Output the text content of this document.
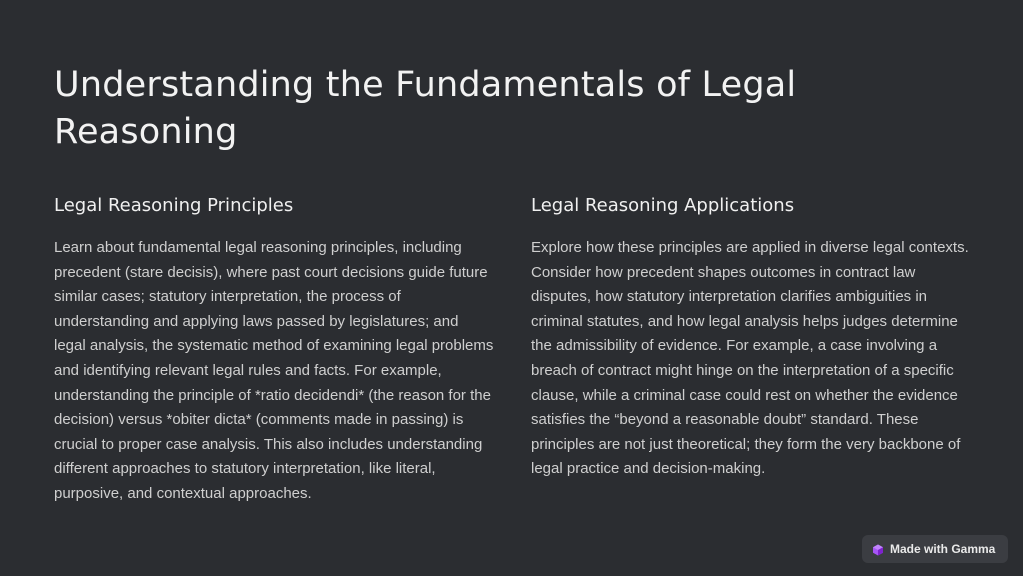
Understanding the Fundamentals of Legal Reasoning
Legal Reasoning Principles

Learn about fundamental legal reasoning principles, including precedent (stare decisis), where past court decisions guide future similar cases; statutory interpretation, the process of understanding and applying laws passed by legislatures; and legal analysis, the systematic method of examining legal problems and identifying relevant legal rules and facts. For example, understanding the principle of *ratio decidendi* (the reason for the decision) versus *obiter dicta* (comments made in passing) is crucial to proper case analysis. This also includes understanding different approaches to statutory interpretation, like literal, purposive, and contextual approaches.

Legal Reasoning Applications

Explore how these principles are applied in diverse legal contexts. Consider how precedent shapes outcomes in contract law disputes, how statutory interpretation clarifies ambiguities in criminal statutes, and how legal analysis helps judges determine the admissibility of evidence. For example, a case involving a breach of contract might hinge on the interpretation of a specific clause, while a criminal case could rest on whether the evidence satisfies the “beyond a reasonable doubt” standard. These principles are not just theoretical; they form the very backbone of legal practice and decision-making.

Made with Gamma
